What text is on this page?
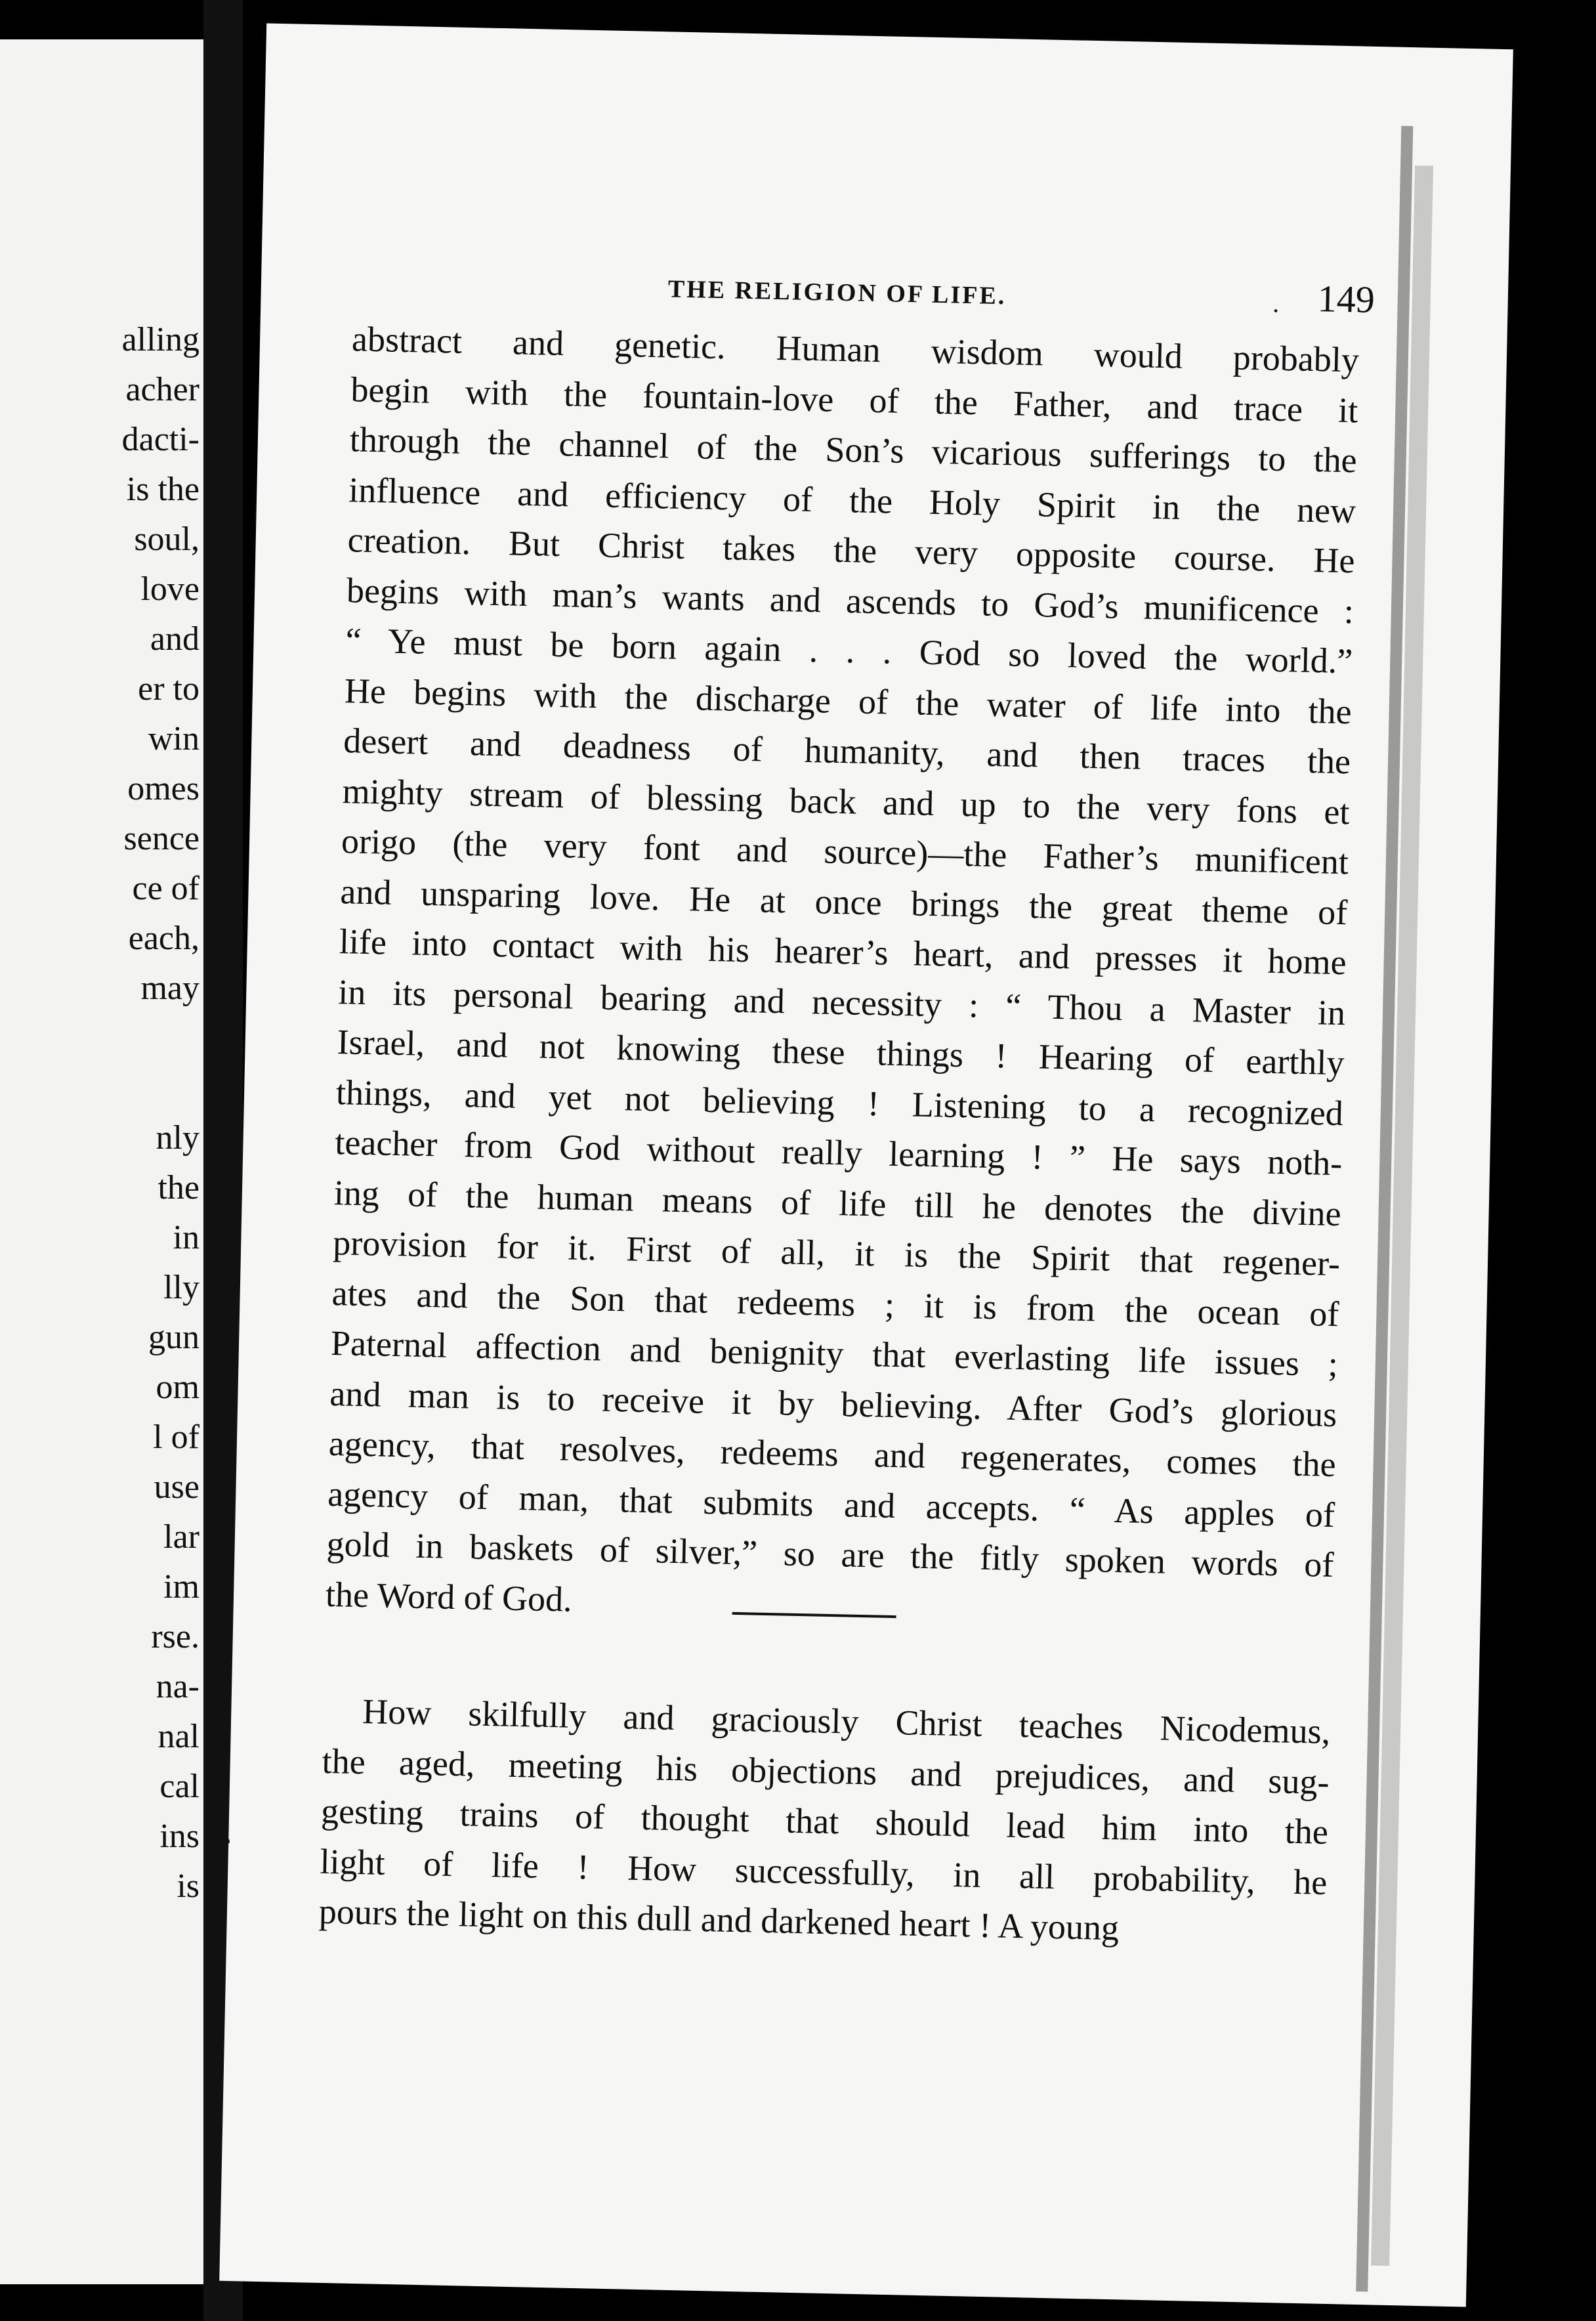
alling
acher
dacti-
is the
soul,
love
and
er to
win
omes
sence
ce of
each,
may
nly
the
in
lly
gun
om
l of
use
lar
im
rse.
na-
nal
cal
ins
is
THE RELIGION OF LIFE.
· 149
abstract and genetic. Human wisdom would probably
begin with the fountain-love of the Father, and trace it
through the channel of the Son’s vicarious sufferings to the
influence and efficiency of the Holy Spirit in the new
creation. But Christ takes the very opposite course. He
begins with man’s wants and ascends to God’s munificence :
“ Ye must be born again . . . God so loved the world.”
He begins with the discharge of the water of life into the
desert and deadness of humanity, and then traces the
mighty stream of blessing back and up to the very fons et
origo (the very font and source)—the Father’s munificent
and unsparing love. He at once brings the great theme of
life into contact with his hearer’s heart, and presses it home
in its personal bearing and necessity : “ Thou a Master in
Israel, and not knowing these things ! Hearing of earthly
things, and yet not believing ! Listening to a recognized
teacher from God without really learning ! ” He says noth-
ing of the human means of life till he denotes the divine
provision for it. First of all, it is the Spirit that regener-
ates and the Son that redeems ; it is from the ocean of
Paternal affection and benignity that everlasting life issues ;
and man is to receive it by believing. After God’s glorious
agency, that resolves, redeems and regenerates, comes the
agency of man, that submits and accepts. “ As apples of
gold in baskets of silver,” so are the fitly spoken words of
the Word of God.
How skilfully and graciously Christ teaches Nicodemus,
the aged, meeting his objections and prejudices, and sug-
gesting trains of thought that should lead him into the
light of life ! How successfully, in all probability, he
pours the light on this dull and darkened heart ! A young
